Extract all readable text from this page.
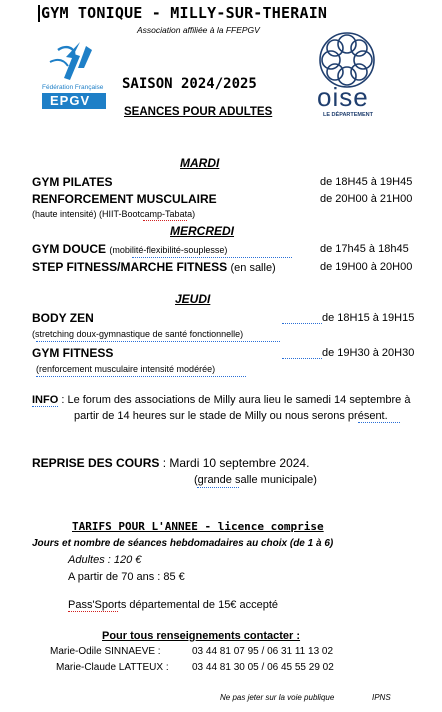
GYM TONIQUE - MILLY-SUR-THERAIN
Association affiliée à la FFEPGV
Fédération Française
EPGV	oise
LE DÉPARTEMENT
SAISON 2024/2025
SEANCES POUR ADULTES
MARDI
GYM PILATES	de 18H45 à 19H45
RENFORCEMENT MUSCULAIRE	de 20H00 à 21H00
(haute intensité) (HIIT-Bootcamp-Tabata)
MERCREDI
GYM DOUCE (mobilité-flexibilité-souplesse)	de 17h45 à 18h45
STEP FITNESS/MARCHE FITNESS (en salle)	de 19H00 à 20H00
JEUDI
BODY ZEN	de 18H15 à 19H15
(stretching doux-gymnastique de santé fonctionnelle)
GYM FITNESS	de 19H30 à 20H30
(renforcement musculaire intensité modérée)
INFO : Le forum des associations de Milly aura lieu le samedi 14 septembre à
partir de 14 heures sur le stade de Milly ou nous serons présent.
REPRISE DES COURS : Mardi 10 septembre 2024.
(grande salle municipale)
TARIFS POUR L'ANNEE - licence comprise
Jours et nombre de séances hebdomadaires au choix (de 1 à 6)
Adultes : 120 €
A partir de 70 ans : 85 €
Pass'Sports départemental de 15€ accepté
Pour tous renseignements contacter :
Marie-Odile SINNAEVE :	03 44 81 07 95 / 06 31 11 13 02
Marie-Claude LATTEUX : 03 44 81 30 05 / 06 45 55 29 02
Ne pas jeter sur la voie publique	IPNS
